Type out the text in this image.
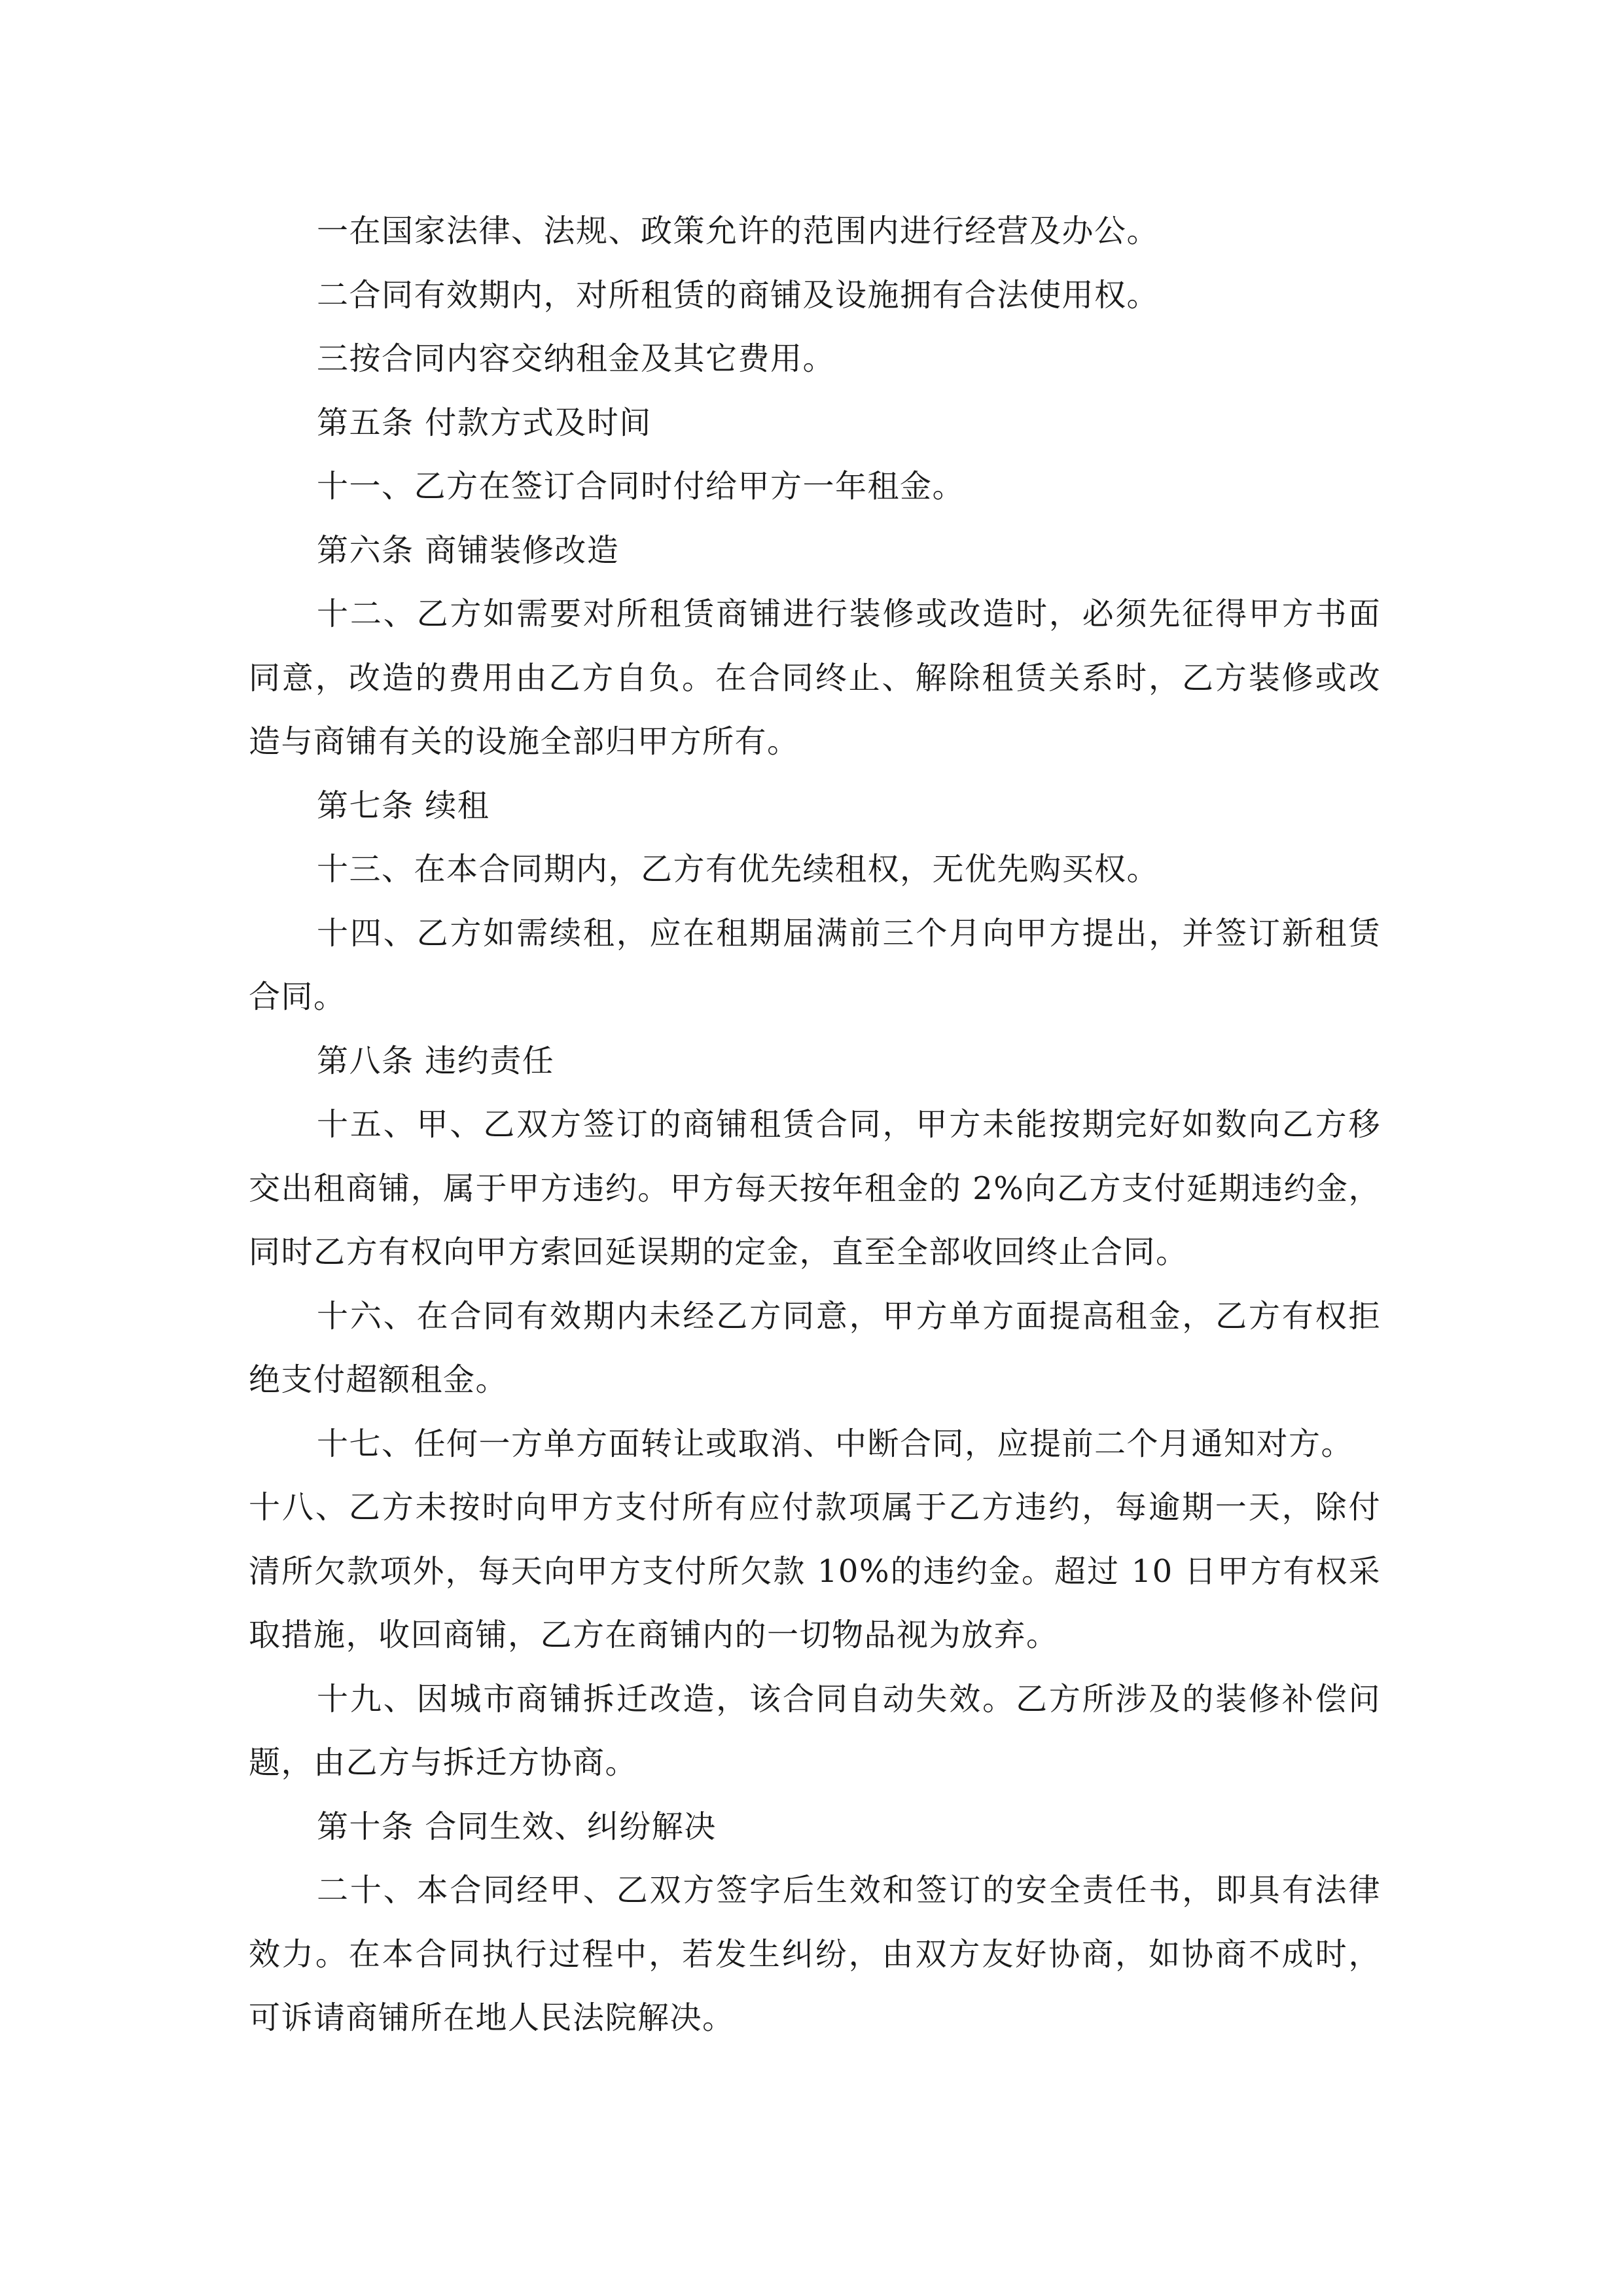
一在国家法律、法规、政策允许的范围内进行经营及办公。

二合同有效期内，对所租赁的商铺及设施拥有合法使用权。

三按合同内容交纳租金及其它费用。

第五条 付款方式及时间

十一、乙方在签订合同时付给甲方一年租金。

第六条 商铺装修改造

十二、乙方如需要对所租赁商铺进行装修或改造时，必须先征得甲方书面同意，改造的费用由乙方自负。在合同终止、解除租赁关系时，乙方装修或改造与商铺有关的设施全部归甲方所有。

第七条 续租

十三、在本合同期内，乙方有优先续租权，无优先购买权。

十四、乙方如需续租，应在租期届满前三个月向甲方提出，并签订新租赁合同。

第八条 违约责任

十五、甲、乙双方签订的商铺租赁合同，甲方未能按期完好如数向乙方移交出租商铺，属于甲方违约。甲方每天按年租金的 2%向乙方支付延期违约金，同时乙方有权向甲方索回延误期的定金，直至全部收回终止合同。

十六、在合同有效期内未经乙方同意，甲方单方面提高租金，乙方有权拒绝支付超额租金。

十七、任何一方单方面转让或取消、中断合同，应提前二个月通知对方。

十八、乙方未按时向甲方支付所有应付款项属于乙方违约，每逾期一天，除付清所欠款项外，每天向甲方支付所欠款 10%的违约金。超过 10 日甲方有权采取措施，收回商铺，乙方在商铺内的一切物品视为放弃。

十九、因城市商铺拆迁改造，该合同自动失效。乙方所涉及的装修补偿问题，由乙方与拆迁方协商。

第十条 合同生效、纠纷解决

二十、本合同经甲、乙双方签字后生效和签订的安全责任书，即具有法律效力。在本合同执行过程中，若发生纠纷，由双方友好协商，如协商不成时，可诉请商铺所在地人民法院解决。
